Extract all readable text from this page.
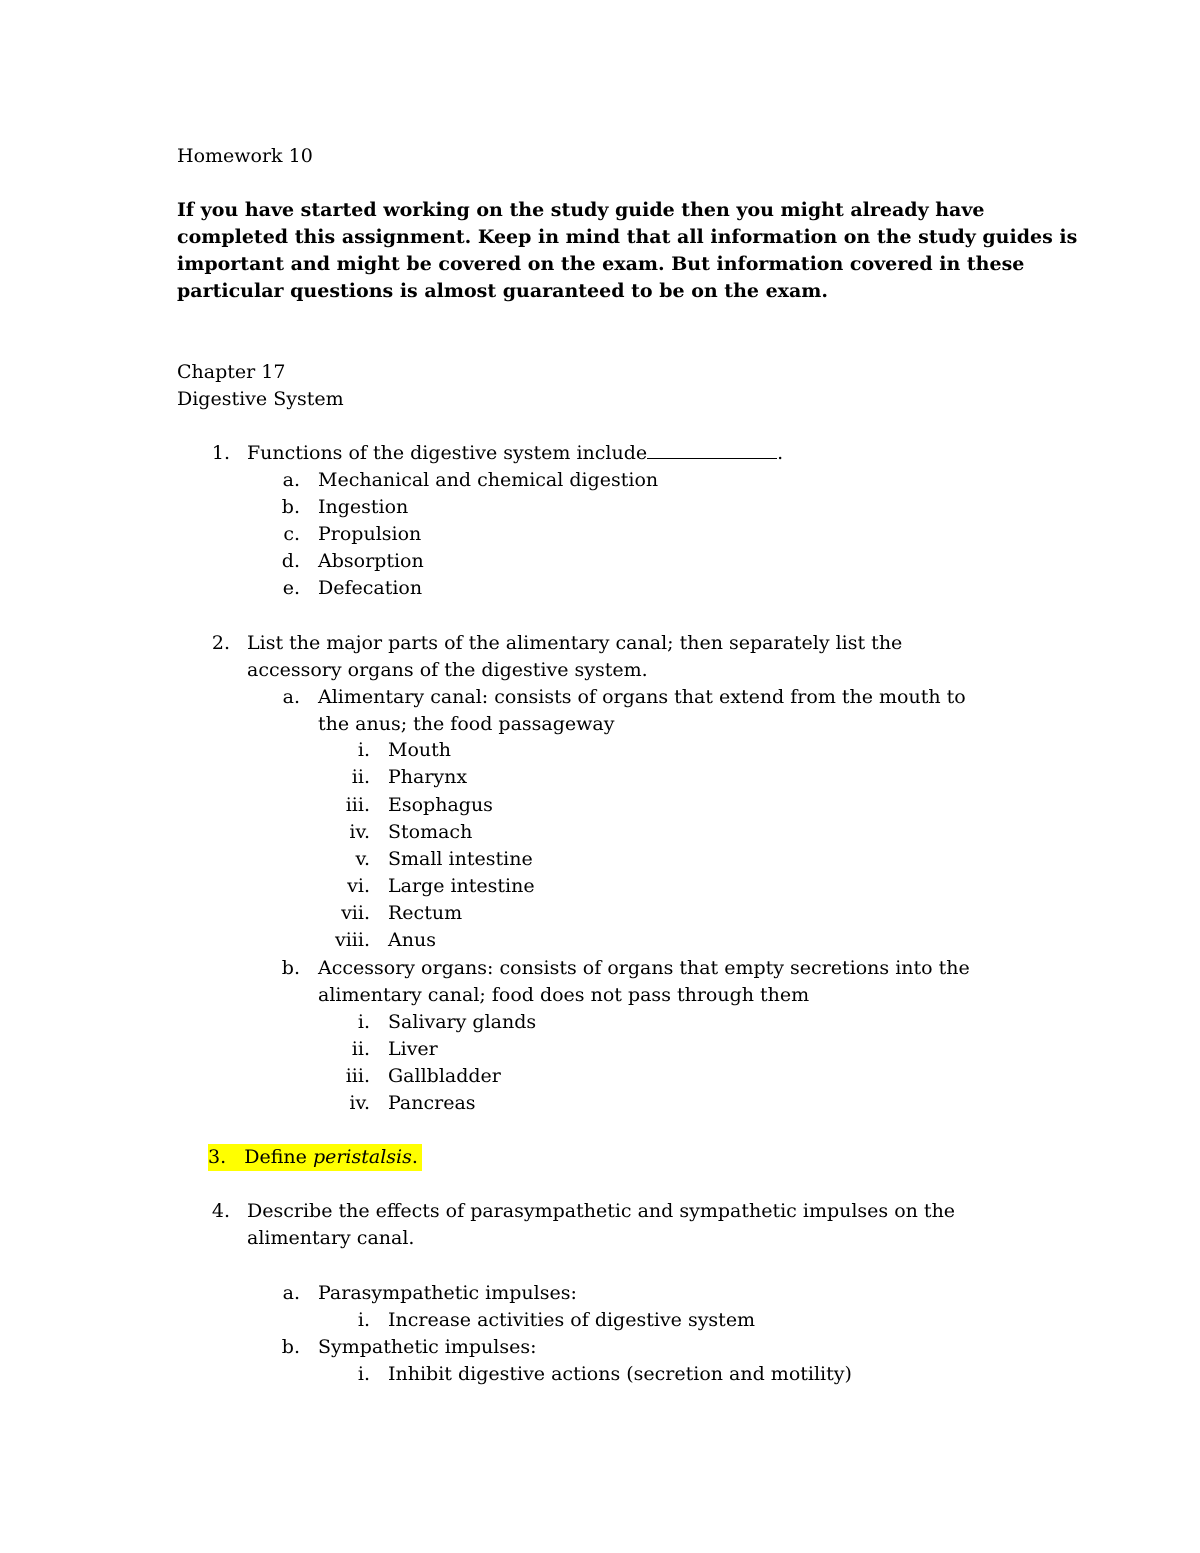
Homework 10
If you have started working on the study guide then you might already have
completed this assignment. Keep in mind that all information on the study guides is
important and might be covered on the exam. But information covered in these
particular questions is almost guaranteed to be on the exam.
Chapter 17
Digestive System
1. Functions of the digestive system include	.
a. Mechanical and chemical digestion
b. Ingestion
c. Propulsion
d. Absorption
e. Defecation
2. List the major parts of the alimentary canal; then separately list the
accessory organs of the digestive system.
a. Alimentary canal: consists of organs that extend from the mouth to
the anus; the food passageway
i. Mouth
ii. Pharynx
iii. Esophagus
iv. Stomach
v. Small intestine
vi. Large intestine
vii. Rectum
viii. Anus
b. Accessory organs: consists of organs that empty secretions into the
alimentary canal; food does not pass through them
i. Salivary glands
ii. Liver
iii. Gallbladder
iv. Pancreas
3. Define peristalsis.
4. Describe the effects of parasympathetic and sympathetic impulses on the
alimentary canal.
a. Parasympathetic impulses:
i. Increase activities of digestive system
b. Sympathetic impulses:
i. Inhibit digestive actions (secretion and motility)
